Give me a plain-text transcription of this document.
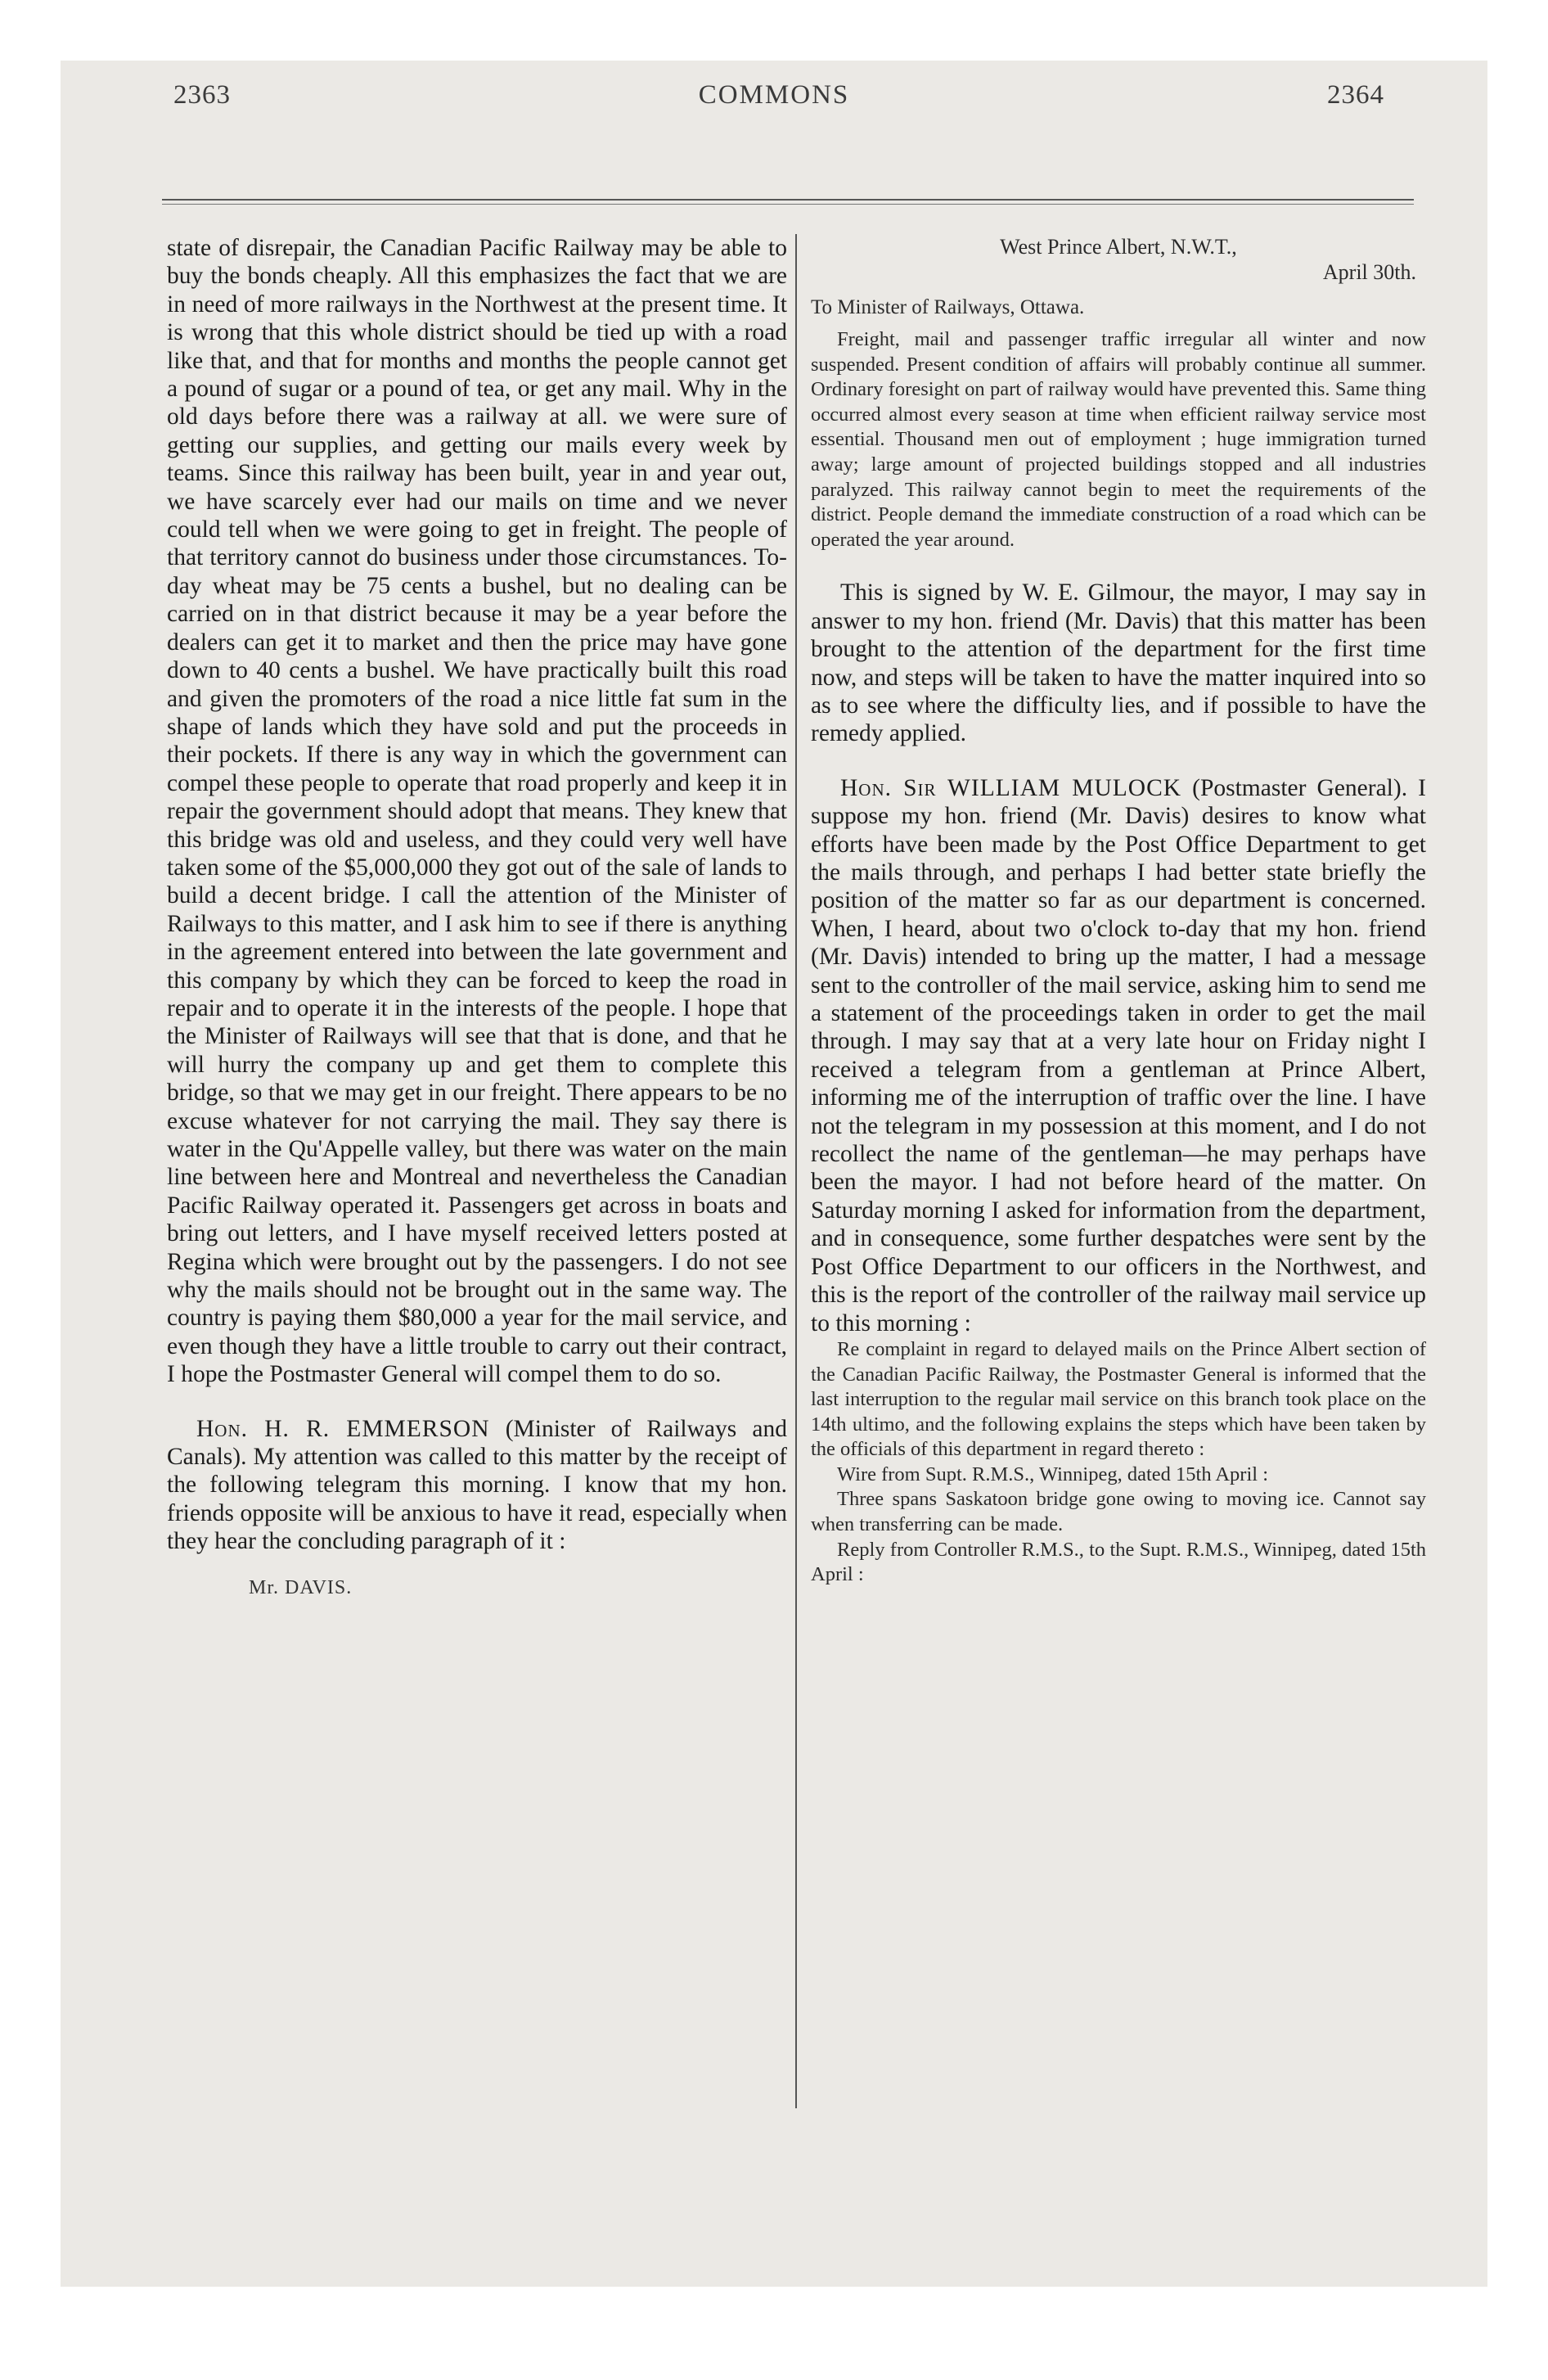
2363	COMMONS	2364

state of disrepair, the Canadian Pacific Railway may be able to buy the bonds cheaply. All this emphasizes the fact that we are in need of more railways in the Northwest at the present time. It is wrong that this whole district should be tied up with a road like that, and that for months and months the people cannot get a pound of sugar or a pound of tea, or get any mail. Why in the old days before there was a railway at all. we were sure of getting our supplies, and getting our mails every week by teams. Since this railway has been built, year in and year out, we have scarcely ever had our mails on time and we never could tell when we were going to get in freight. The people of that territory cannot do business under those circumstances. To-day wheat may be 75 cents a bushel, but no dealing can be carried on in that district because it may be a year before the dealers can get it to market and then the price may have gone down to 40 cents a bushel. We have practically built this road and given the promoters of the road a nice little fat sum in the shape of lands which they have sold and put the proceeds in their pockets. If there is any way in which the government can compel these people to operate that road properly and keep it in repair the government should adopt that means. They knew that this bridge was old and useless, and they could very well have taken some of the $5,000,000 they got out of the sale of lands to build a decent bridge. I call the attention of the Minister of Railways to this matter, and I ask him to see if there is anything in the agreement entered into between the late government and this company by which they can be forced to keep the road in repair and to operate it in the interests of the people. I hope that the Minister of Railways will see that that is done, and that he will hurry the company up and get them to complete this bridge, so that we may get in our freight. There appears to be no excuse whatever for not carrying the mail. They say there is water in the Qu'Appelle valley, but there was water on the main line between here and Montreal and nevertheless the Canadian Pacific Railway operated it. Passengers get across in boats and bring out letters, and I have myself received letters posted at Regina which were brought out by the passengers. I do not see why the mails should not be brought out in the same way. The country is paying them $80,000 a year for the mail service, and even though they have a little trouble to carry out their contract, I hope the Postmaster General will compel them to do so.

Hon. H. R. EMMERSON (Minister of Railways and Canals). My attention was called to this matter by the receipt of the following telegram this morning. I know that my hon. friends opposite will be anxious to have it read, especially when they hear the concluding paragraph of it :

Mr. DAVIS.

West Prince Albert, N.W.T.,

April 30th.

To Minister of Railways, Ottawa.

Freight, mail and passenger traffic irregular all winter and now suspended. Present condition of affairs will probably continue all summer. Ordinary foresight on part of railway would have prevented this. Same thing occurred almost every season at time when efficient railway service most essential. Thousand men out of employment ; huge immigration turned away; large amount of projected buildings stopped and all industries paralyzed. This railway cannot begin to meet the requirements of the district. People demand the immediate construction of a road which can be operated the year around.

This is signed by W. E. Gilmour, the mayor, I may say in answer to my hon. friend (Mr. Davis) that this matter has been brought to the attention of the department for the first time now, and steps will be taken to have the matter inquired into so as to see where the difficulty lies, and if possible to have the remedy applied.

Hon. Sir WILLIAM MULOCK (Postmaster General). I suppose my hon. friend (Mr. Davis) desires to know what efforts have been made by the Post Office Department to get the mails through, and perhaps I had better state briefly the position of the matter so far as our department is concerned. When, I heard, about two o'clock to-day that my hon. friend (Mr. Davis) intended to bring up the matter, I had a message sent to the controller of the mail service, asking him to send me a statement of the proceedings taken in order to get the mail through. I may say that at a very late hour on Friday night I received a telegram from a gentleman at Prince Albert, informing me of the interruption of traffic over the line. I have not the telegram in my possession at this moment, and I do not recollect the name of the gentleman—he may perhaps have been the mayor. I had not before heard of the matter. On Saturday morning I asked for information from the department, and in consequence, some further despatches were sent by the Post Office Department to our officers in the Northwest, and this is the report of the controller of the railway mail service up to this morning :

Re complaint in regard to delayed mails on the Prince Albert section of the Canadian Pacific Railway, the Postmaster General is informed that the last interruption to the regular mail service on this branch took place on the 14th ultimo, and the following explains the steps which have been taken by the officials of this department in regard thereto :

Wire from Supt. R.M.S., Winnipeg, dated 15th April :

Three spans Saskatoon bridge gone owing to moving ice. Cannot say when transferring can be made.

Reply from Controller R.M.S., to the Supt. R.M.S., Winnipeg, dated 15th April :
